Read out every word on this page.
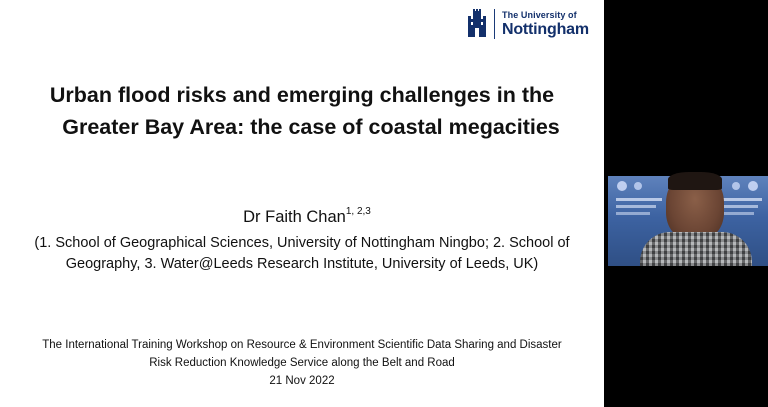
The University of
Nottingham
Urban flood risks and emerging challenges in the
Greater Bay Area: the case of coastal megacities
Dr Faith Chan$^{1, 2,3}$
(1. School of Geographical Sciences, University of Nottingham Ningbo; 2. School of
Geography, 3. Water@Leeds Research Institute, University of Leeds, UK)
The International Training Workshop on Resource & Environment Scientific Data Sharing and Disaster
Risk Reduction Knowledge Service along the Belt and Road
21 Nov 2022
